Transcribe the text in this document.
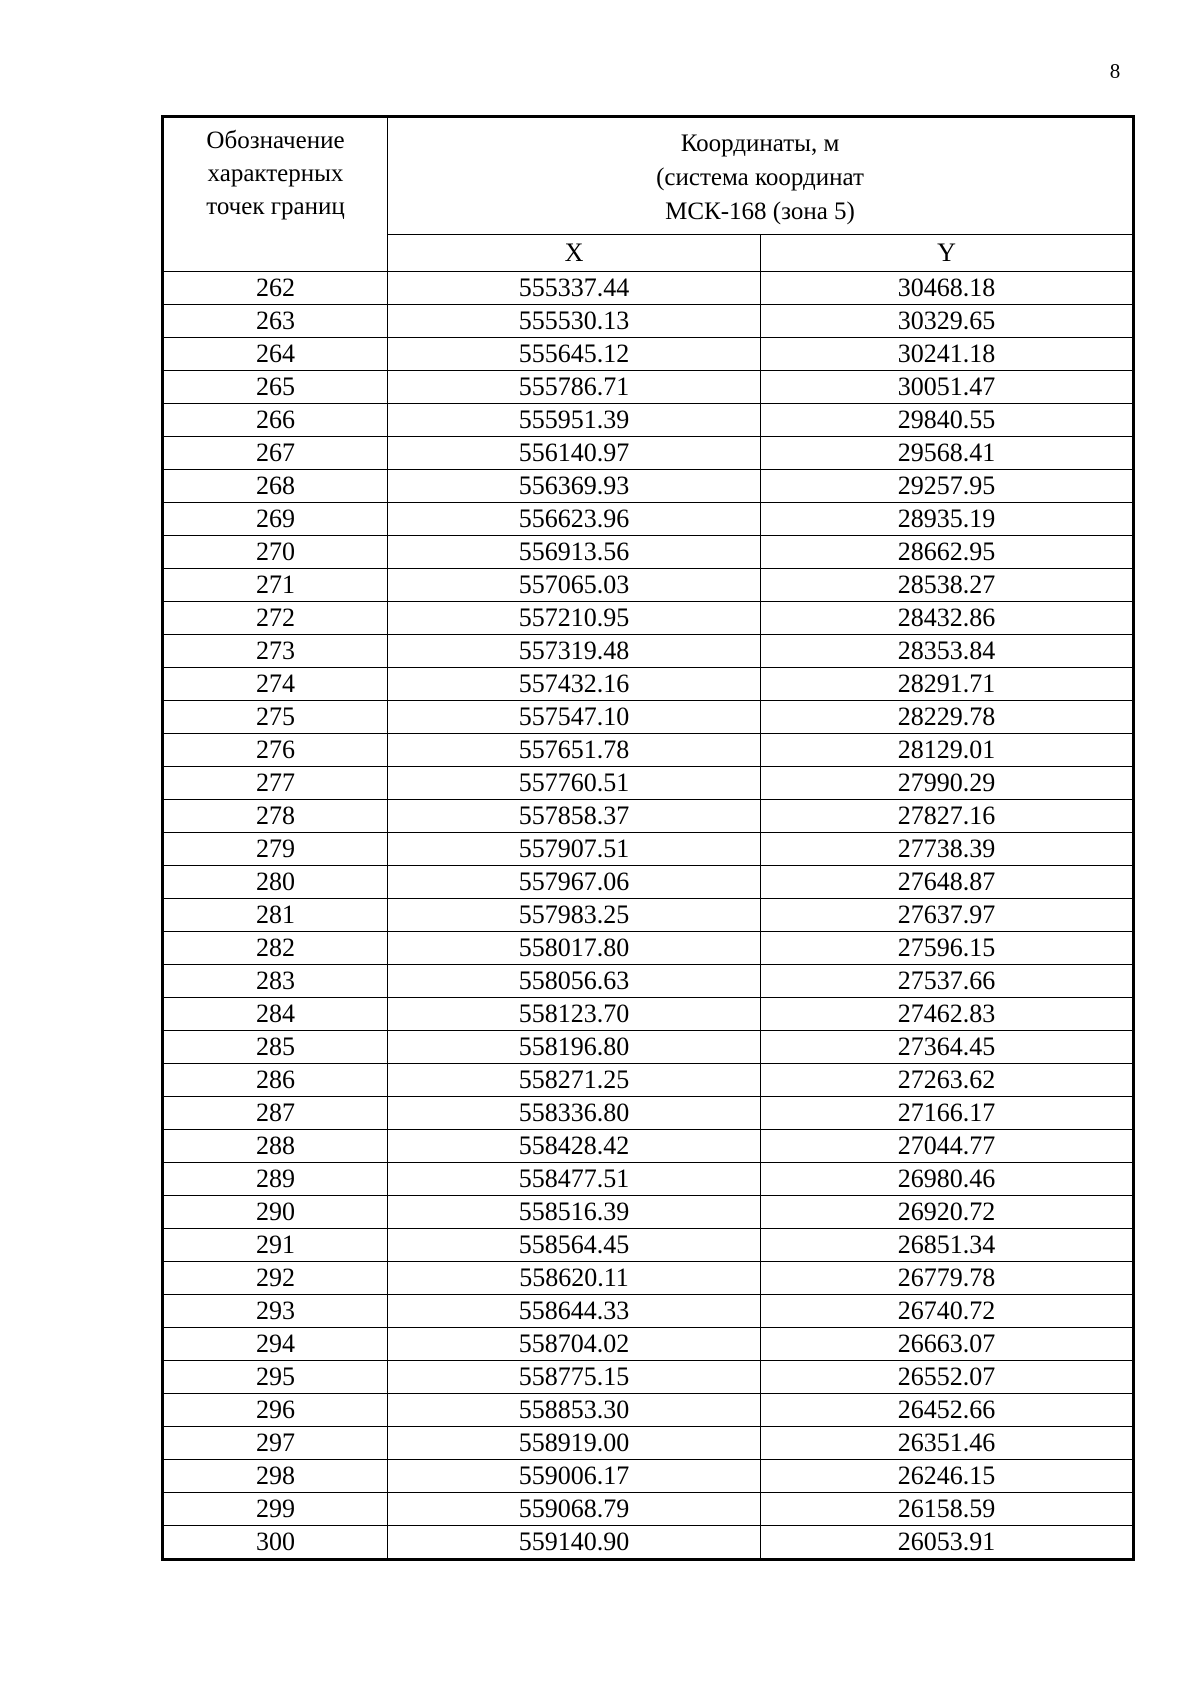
8
Обозначение
характерных
точек границ	Координаты, м
(система координат
МСК-168 (зона 5)	

	X	Y
262	555337.44	30468.18
263	555530.13	30329.65
264	555645.12	30241.18
265	555786.71	30051.47
266	555951.39	29840.55
267	556140.97	29568.41
268	556369.93	29257.95
269	556623.96	28935.19
270	556913.56	28662.95
271	557065.03	28538.27
272	557210.95	28432.86
273	557319.48	28353.84
274	557432.16	28291.71
275	557547.10	28229.78
276	557651.78	28129.01
277	557760.51	27990.29
278	557858.37	27827.16
279	557907.51	27738.39
280	557967.06	27648.87
281	557983.25	27637.97
282	558017.80	27596.15
283	558056.63	27537.66
284	558123.70	27462.83
285	558196.80	27364.45
286	558271.25	27263.62
287	558336.80	27166.17
288	558428.42	27044.77
289	558477.51	26980.46
290	558516.39	26920.72
291	558564.45	26851.34
292	558620.11	26779.78
293	558644.33	26740.72
294	558704.02	26663.07
295	558775.15	26552.07
296	558853.30	26452.66
297	558919.00	26351.46
298	559006.17	26246.15
299	559068.79	26158.59
300	559140.90	26053.91
